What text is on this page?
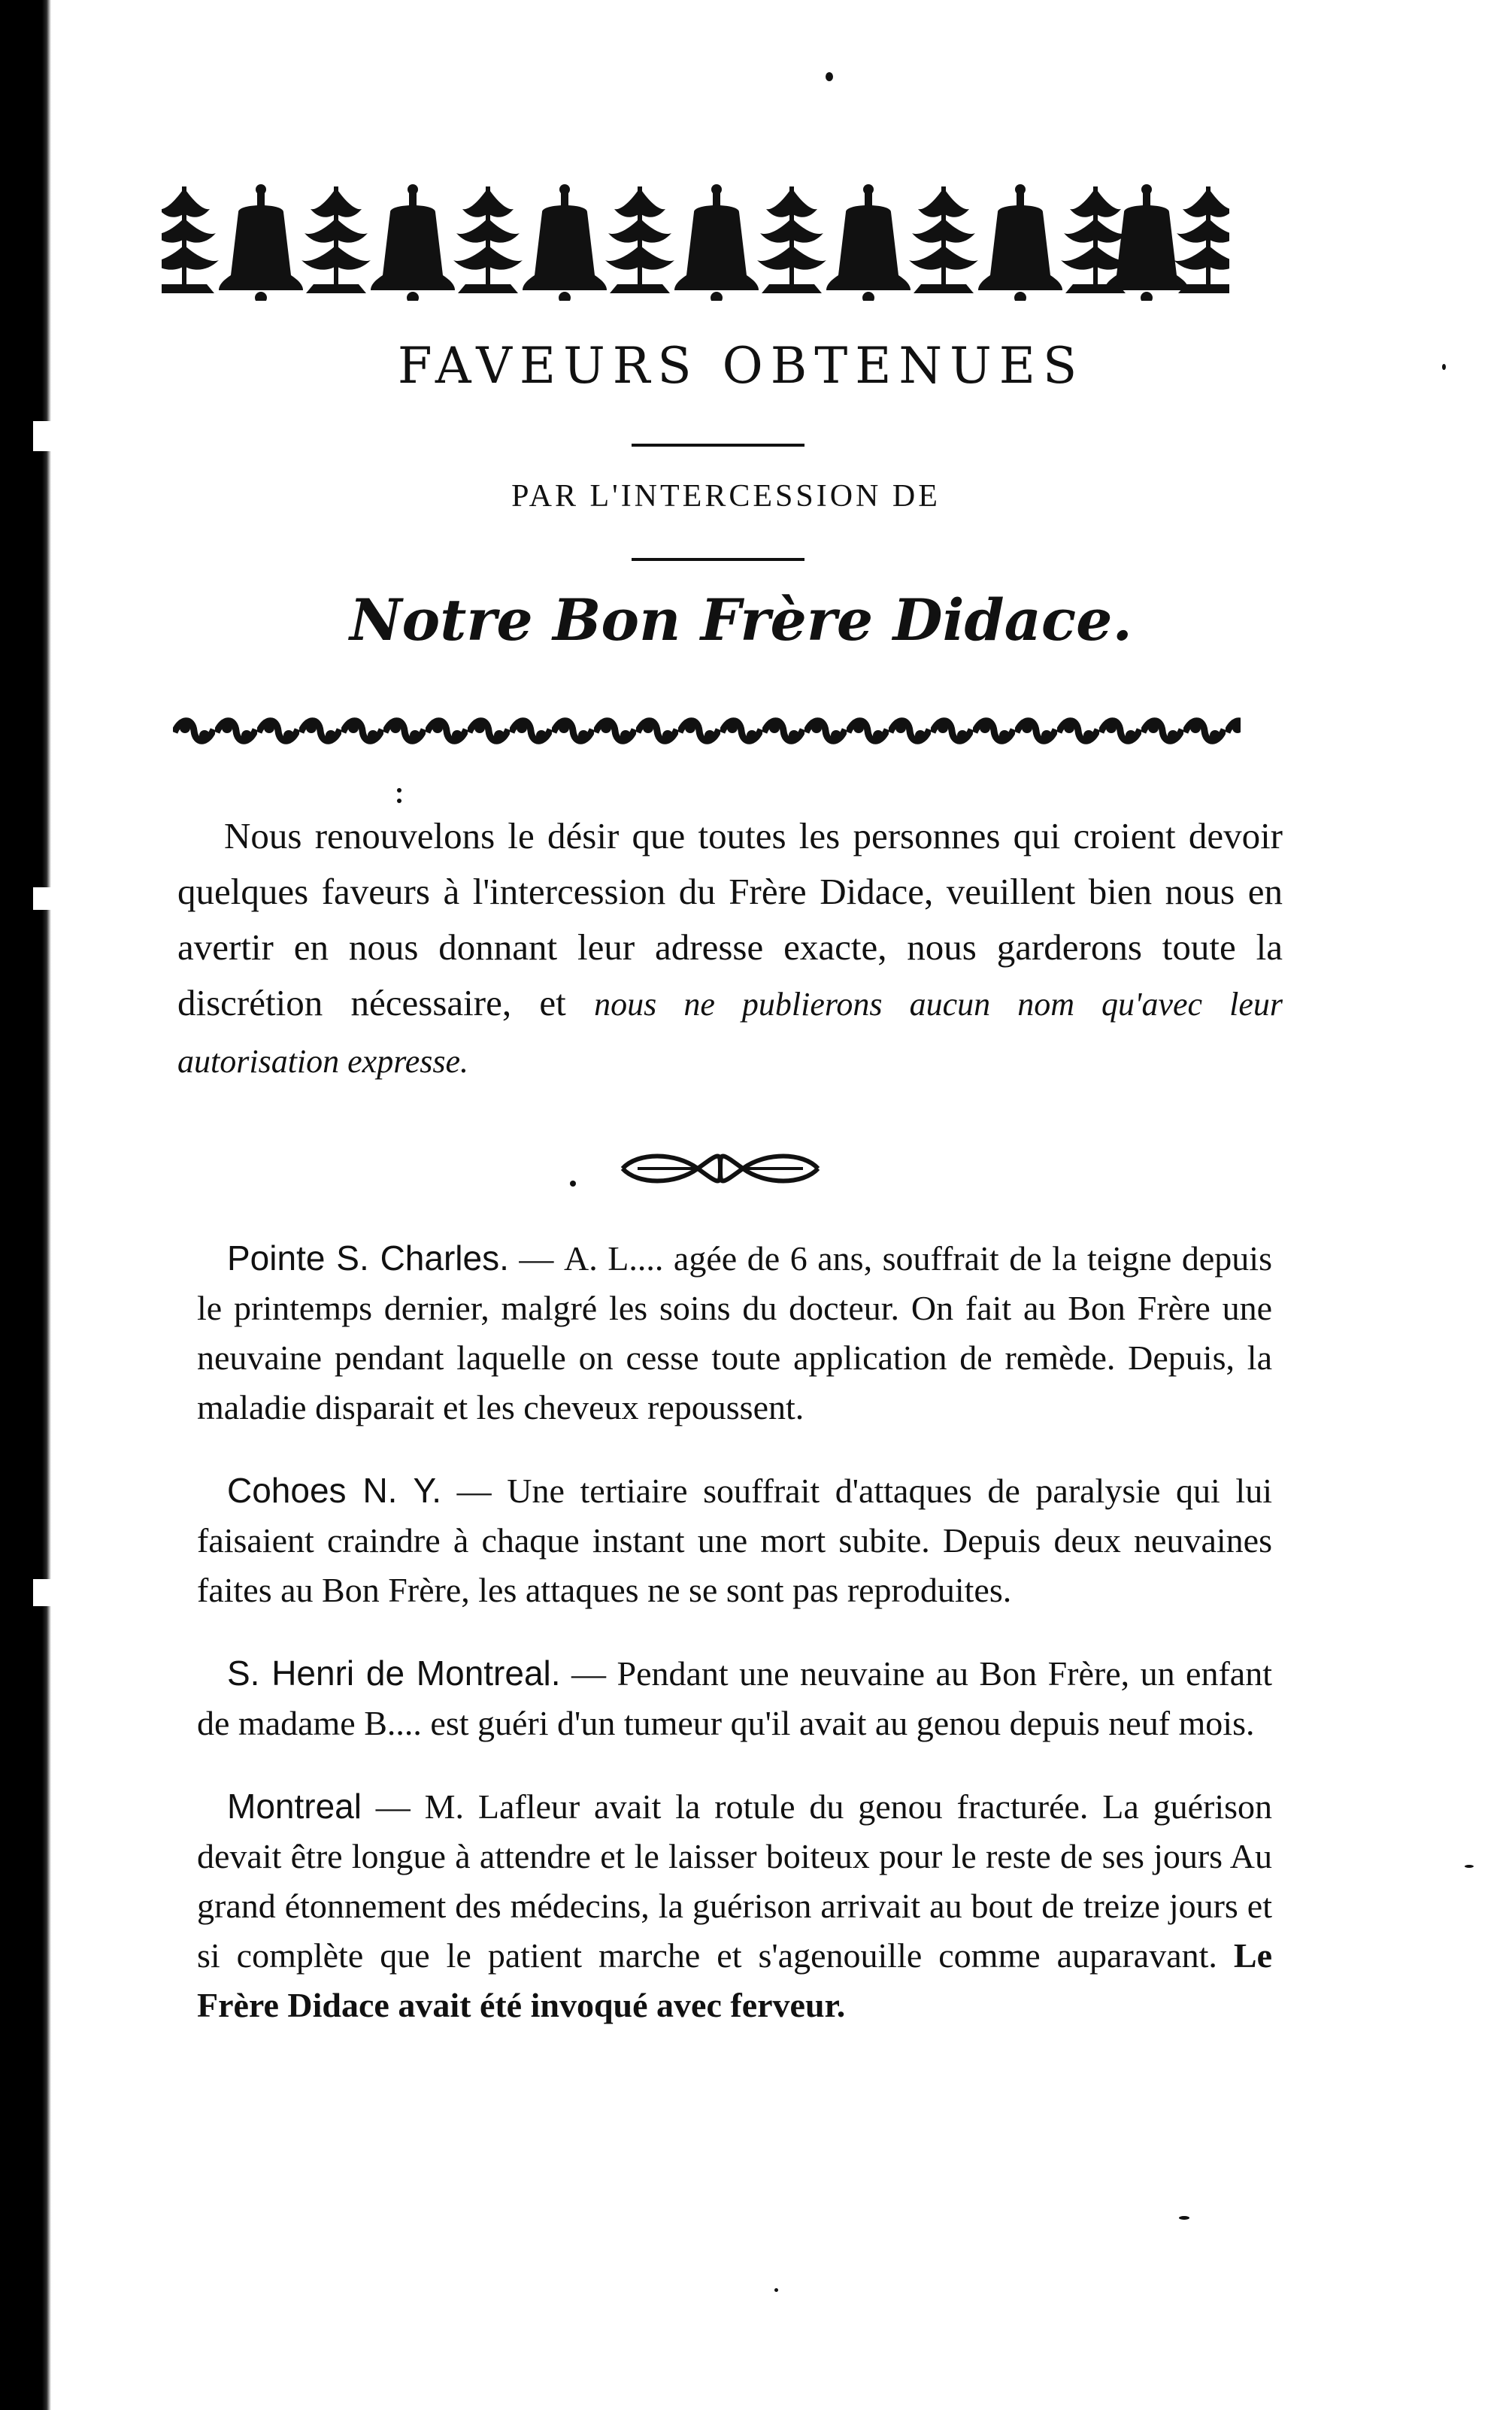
FAVEURS OBTENUES
PAR L'INTERCESSION DE
Notre Bon Frère Didace.

Nous renouvelons le désir que toutes les personnes qui croient devoir quelques faveurs à l'intercession du Frère Didace, veuillent bien nous en avertir en nous donnant leur adresse exacte, nous garderons toute la discrétion nécessaire, et nous ne publierons aucun nom qu'avec leur autorisation expresse.

Pointe S. Charles. — A. L.... agée de 6 ans, souffrait de la teigne depuis le printemps dernier, malgré les soins du docteur. On fait au Bon Frère une neuvaine pendant laquelle on cesse toute application de remède. Depuis, la maladie disparait et les cheveux repoussent.

Cohoes N. Y. — Une tertiaire souffrait d'attaques de paralysie qui lui faisaient craindre à chaque instant une mort subite. Depuis deux neuvaines faites au Bon Frère, les attaques ne se sont pas reproduites.

S. Henri de Montreal. — Pendant une neuvaine au Bon Frère, un enfant de madame B.... est guéri d'un tumeur qu'il avait au genou depuis neuf mois.

Montreal — M. Lafleur avait la rotule du genou fracturée. La guérison devait être longue à attendre et le laisser boiteux pour le reste de ses jours Au grand étonnement des médecins, la guérison arrivait au bout de treize jours et si complète que le patient marche et s'agenouille comme auparavant. Le Frère Didace avait été invoqué avec ferveur.
